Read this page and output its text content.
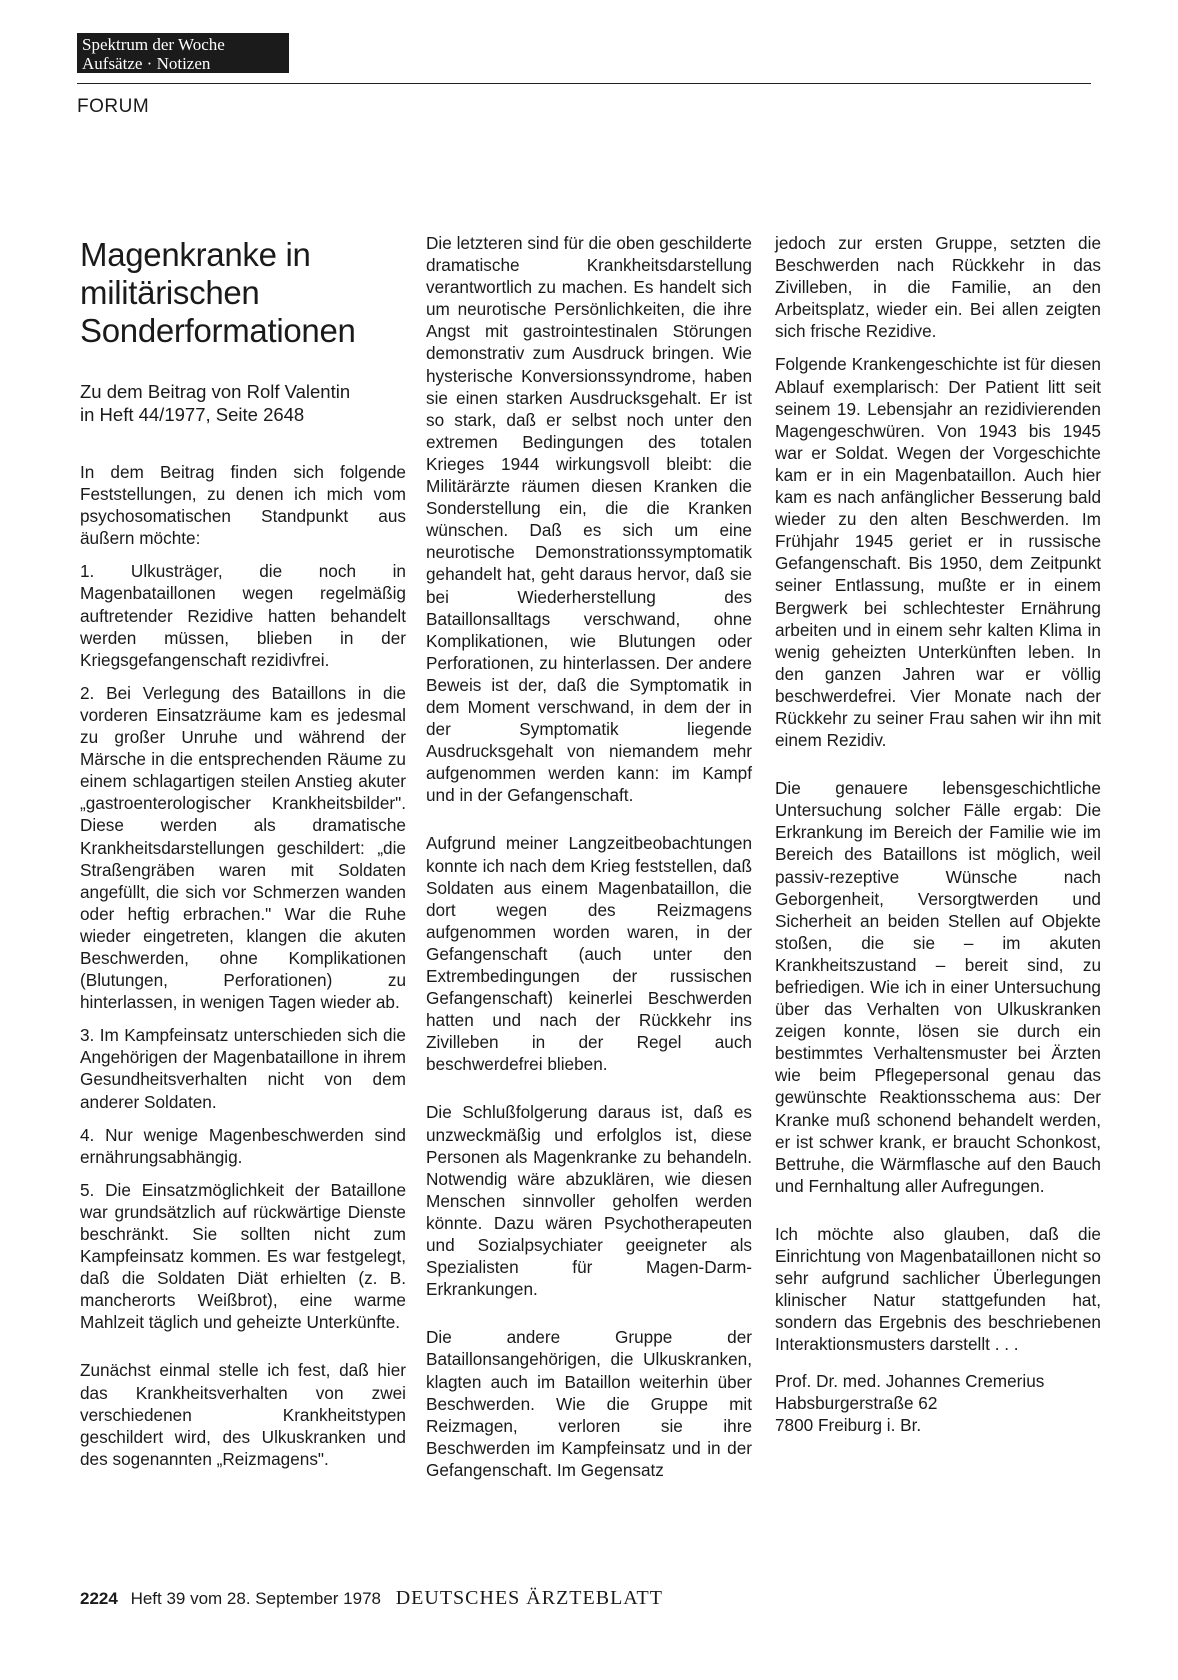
Spektrum der Woche
Aufsätze · Notizen
FORUM
Magenkranke in
militärischen
Sonderformationen
Zu dem Beitrag von Rolf Valentin
in Heft 44/1977, Seite 2648

In dem Beitrag finden sich folgende Feststellungen, zu denen ich mich vom psychosomatischen Standpunkt aus äußern möchte:

1. Ulkusträger, die noch in Magenbataillonen wegen regelmäßig auftretender Rezidive hatten behandelt werden müssen, blieben in der Kriegsgefangenschaft rezidivfrei.

2. Bei Verlegung des Bataillons in die vorderen Einsatzräume kam es jedesmal zu großer Unruhe und während der Märsche in die entsprechenden Räume zu einem schlagartigen steilen Anstieg akuter „gastroenterologischer Krankheitsbilder". Diese werden als dramatische Krankheitsdarstellungen geschildert: „die Straßengräben waren mit Soldaten angefüllt, die sich vor Schmerzen wanden oder heftig erbrachen." War die Ruhe wieder eingetreten, klangen die akuten Beschwerden, ohne Komplikationen (Blutungen, Perforationen) zu hinterlassen, in wenigen Tagen wieder ab.

3. Im Kampfeinsatz unterschieden sich die Angehörigen der Magenbataillone in ihrem Gesundheitsverhalten nicht von dem anderer Soldaten.

4. Nur wenige Magenbeschwerden sind ernährungsabhängig.

5. Die Einsatzmöglichkeit der Bataillone war grundsätzlich auf rückwärtige Dienste beschränkt. Sie sollten nicht zum Kampfeinsatz kommen. Es war festgelegt, daß die Soldaten Diät erhielten (z. B. mancherorts Weißbrot), eine warme Mahlzeit täglich und geheizte Unterkünfte.

Zunächst einmal stelle ich fest, daß hier das Krankheitsverhalten von zwei verschiedenen Krankheitstypen geschildert wird, des Ulkuskranken und des sogenannten „Reizmagens".

Die letzteren sind für die oben geschilderte dramatische Krankheitsdarstellung verantwortlich zu machen. Es handelt sich um neurotische Persönlichkeiten, die ihre Angst mit gastrointestinalen Störungen demonstrativ zum Ausdruck bringen. Wie hysterische Konversionssyndrome, haben sie einen starken Ausdrucksgehalt. Er ist so stark, daß er selbst noch unter den extremen Bedingungen des totalen Krieges 1944 wirkungsvoll bleibt: die Militärärzte räumen diesen Kranken die Sonderstellung ein, die die Kranken wünschen. Daß es sich um eine neurotische Demonstrationssymptomatik gehandelt hat, geht daraus hervor, daß sie bei Wiederherstellung des Bataillonsalltags verschwand, ohne Komplikationen, wie Blutungen oder Perforationen, zu hinterlassen. Der andere Beweis ist der, daß die Symptomatik in dem Moment verschwand, in dem der in der Symptomatik liegende Ausdrucksgehalt von niemandem mehr aufgenommen werden kann: im Kampf und in der Gefangenschaft.

Aufgrund meiner Langzeitbeobachtungen konnte ich nach dem Krieg feststellen, daß Soldaten aus einem Magenbataillon, die dort wegen des Reizmagens aufgenommen worden waren, in der Gefangenschaft (auch unter den Extrembedingungen der russischen Gefangenschaft) keinerlei Beschwerden hatten und nach der Rückkehr ins Zivilleben in der Regel auch beschwerdefrei blieben.

Die Schlußfolgerung daraus ist, daß es unzweckmäßig und erfolglos ist, diese Personen als Magenkranke zu behandeln. Notwendig wäre abzuklären, wie diesen Menschen sinnvoller geholfen werden könnte. Dazu wären Psychotherapeuten und Sozialpsychiater geeigneter als Spezialisten für Magen-Darm-Erkrankungen.

Die andere Gruppe der Bataillonsangehörigen, die Ulkuskranken, klagten auch im Bataillon weiterhin über Beschwerden. Wie die Gruppe mit Reizmagen, verloren sie ihre Beschwerden im Kampfeinsatz und in der Gefangenschaft. Im Gegensatz

jedoch zur ersten Gruppe, setzten die Beschwerden nach Rückkehr in das Zivilleben, in die Familie, an den Arbeitsplatz, wieder ein. Bei allen zeigten sich frische Rezidive.

Folgende Krankengeschichte ist für diesen Ablauf exemplarisch: Der Patient litt seit seinem 19. Lebensjahr an rezidivierenden Magengeschwüren. Von 1943 bis 1945 war er Soldat. Wegen der Vorgeschichte kam er in ein Magenbataillon. Auch hier kam es nach anfänglicher Besserung bald wieder zu den alten Beschwerden. Im Frühjahr 1945 geriet er in russische Gefangenschaft. Bis 1950, dem Zeitpunkt seiner Entlassung, mußte er in einem Bergwerk bei schlechtester Ernährung arbeiten und in einem sehr kalten Klima in wenig geheizten Unterkünften leben. In den ganzen Jahren war er völlig beschwerdefrei. Vier Monate nach der Rückkehr zu seiner Frau sahen wir ihn mit einem Rezidiv.

Die genauere lebensgeschichtliche Untersuchung solcher Fälle ergab: Die Erkrankung im Bereich der Familie wie im Bereich des Bataillons ist möglich, weil passiv-rezeptive Wünsche nach Geborgenheit, Versorgtwerden und Sicherheit an beiden Stellen auf Objekte stoßen, die sie – im akuten Krankheitszustand – bereit sind, zu befriedigen. Wie ich in einer Untersuchung über das Verhalten von Ulkuskranken zeigen konnte, lösen sie durch ein bestimmtes Verhaltensmuster bei Ärzten wie beim Pflegepersonal genau das gewünschte Reaktionsschema aus: Der Kranke muß schonend behandelt werden, er ist schwer krank, er braucht Schonkost, Bettruhe, die Wärmflasche auf den Bauch und Fernhaltung aller Aufregungen.

Ich möchte also glauben, daß die Einrichtung von Magenbataillonen nicht so sehr aufgrund sachlicher Überlegungen klinischer Natur stattgefunden hat, sondern das Ergebnis des beschriebenen Interaktionsmusters darstellt . . .

Prof. Dr. med. Johannes Cremerius
Habsburgerstraße 62
7800 Freiburg i. Br.
2224 Heft 39 vom 28. September 1978 DEUTSCHES ÄRZTEBLATT
